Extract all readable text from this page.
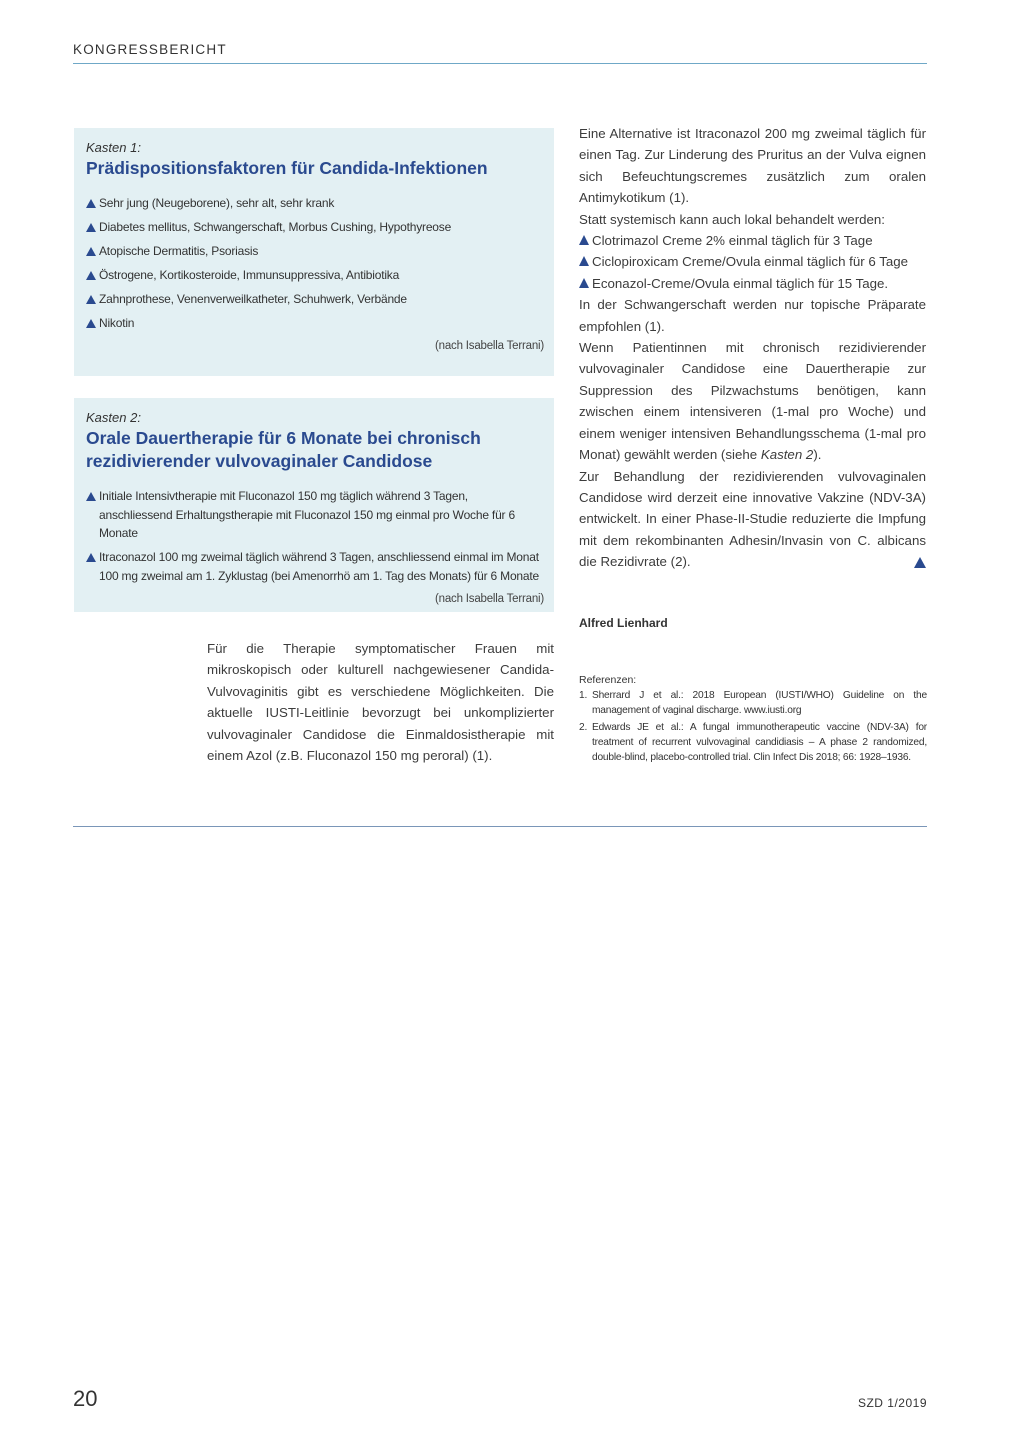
KONGRESSBERICHT
Kasten 1:
Prädispositionsfaktoren für Candida-Infektionen
Sehr jung (Neugeborene), sehr alt, sehr krank
Diabetes mellitus, Schwangerschaft, Morbus Cushing, Hypothyreose
Atopische Dermatitis, Psoriasis
Östrogene, Kortikosteroide, Immunsuppressiva, Antibiotika
Zahnprothese, Venenverweilkatheter, Schuhwerk, Verbände
Nikotin
(nach Isabella Terrani)
Kasten 2:
Orale Dauertherapie für 6 Monate bei chronisch rezidivierender vulvovaginaler Candidose
Initiale Intensivtherapie mit Fluconazol 150 mg täglich während 3 Tagen, anschliessend Erhaltungstherapie mit Fluconazol 150 mg einmal pro Woche für 6 Monate
Itraconazol 100 mg zweimal täglich während 3 Tagen, anschliessend einmal im Monat 100 mg zweimal am 1. Zyklustag (bei Amenorrhö am 1. Tag des Monats) für 6 Monate
(nach Isabella Terrani)

Für die Therapie symptomatischer Frauen mit mikroskopisch oder kulturell nachgewiesener Candida-Vulvovaginitis gibt es verschiedene Möglichkeiten. Die aktuelle IUSTI-Leitlinie bevorzugt bei unkomplizierter vulvovaginaler Candidose die Einmaldosistherapie mit einem Azol (z.B. Fluconazol 150 mg peroral) (1).

Eine Alternative ist Itraconazol 200 mg zweimal täglich für einen Tag. Zur Linderung des Pruritus an der Vulva eignen sich Befeuchtungscremes zusätzlich zum oralen Antimykotikum (1).

Statt systemisch kann auch lokal behandelt werden:

Clotrimazol Creme 2% einmal täglich für 3 Tage

Ciclopiroxicam Creme/Ovula einmal täglich für 6 Tage

Econazol-Creme/Ovula einmal täglich für 15 Tage.

In der Schwangerschaft werden nur topische Präparate empfohlen (1).

Wenn Patientinnen mit chronisch rezidivierender vulvovaginaler Candidose eine Dauertherapie zur Suppression des Pilzwachstums benötigen, kann zwischen einem intensiveren (1-mal pro Woche) und einem weniger intensiven Behandlungsschema (1-mal pro Monat) gewählt werden (siehe Kasten 2).

Zur Behandlung der rezidivierenden vulvovaginalen Candidose wird derzeit eine innovative Vakzine (NDV-3A) entwickelt. In einer Phase-II-Studie reduzierte die Impfung mit dem rekombinanten Adhesin/Invasin von C. albicans die Rezidivrate (2).

Alfred Lienhard
Referenzen:
1. Sherrard J et al.: 2018 European (IUSTI/WHO) Guideline on the management of vaginal discharge. www.iusti.org
2. Edwards JE et al.: A fungal immunotherapeutic vaccine (NDV-3A) for treatment of recurrent vulvovaginal candidiasis – A phase 2 randomized, double-blind, placebo-controlled trial. Clin Infect Dis 2018; 66: 1928–1936.
20	SZD 1/2019
